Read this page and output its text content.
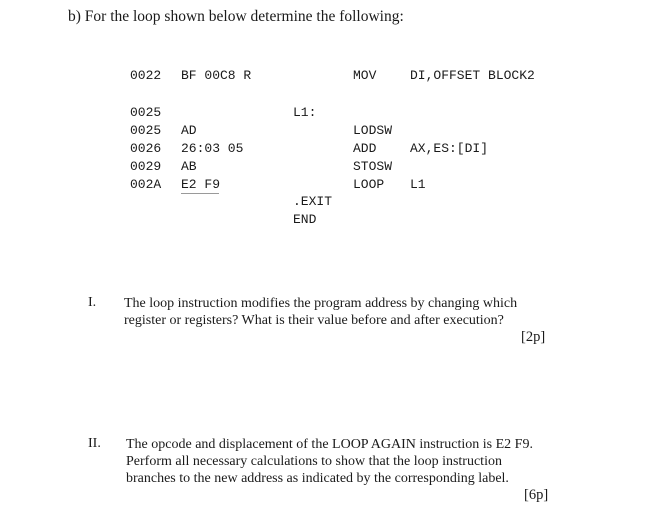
b) For the loop shown below determine the following:
0022 BF 00C8 R	MOV	DI,OFFSET BLOCK2
0025	L1:
0025 AD	LODSW
0026 26:03 05	ADD	AX,ES:[DI]
0029 AB	STOSW
002A E2 F9	LOOP L1
.EXIT
END
I. The loop instruction modifies the program address by changing which
register or registers? What is their value before and after execution?
[2p]
II. The opcode and displacement of the LOOP AGAIN instruction is E2 F9.
Perform all necessary calculations to show that the loop instruction
branches to the new address as indicated by the corresponding label.
[6p]
